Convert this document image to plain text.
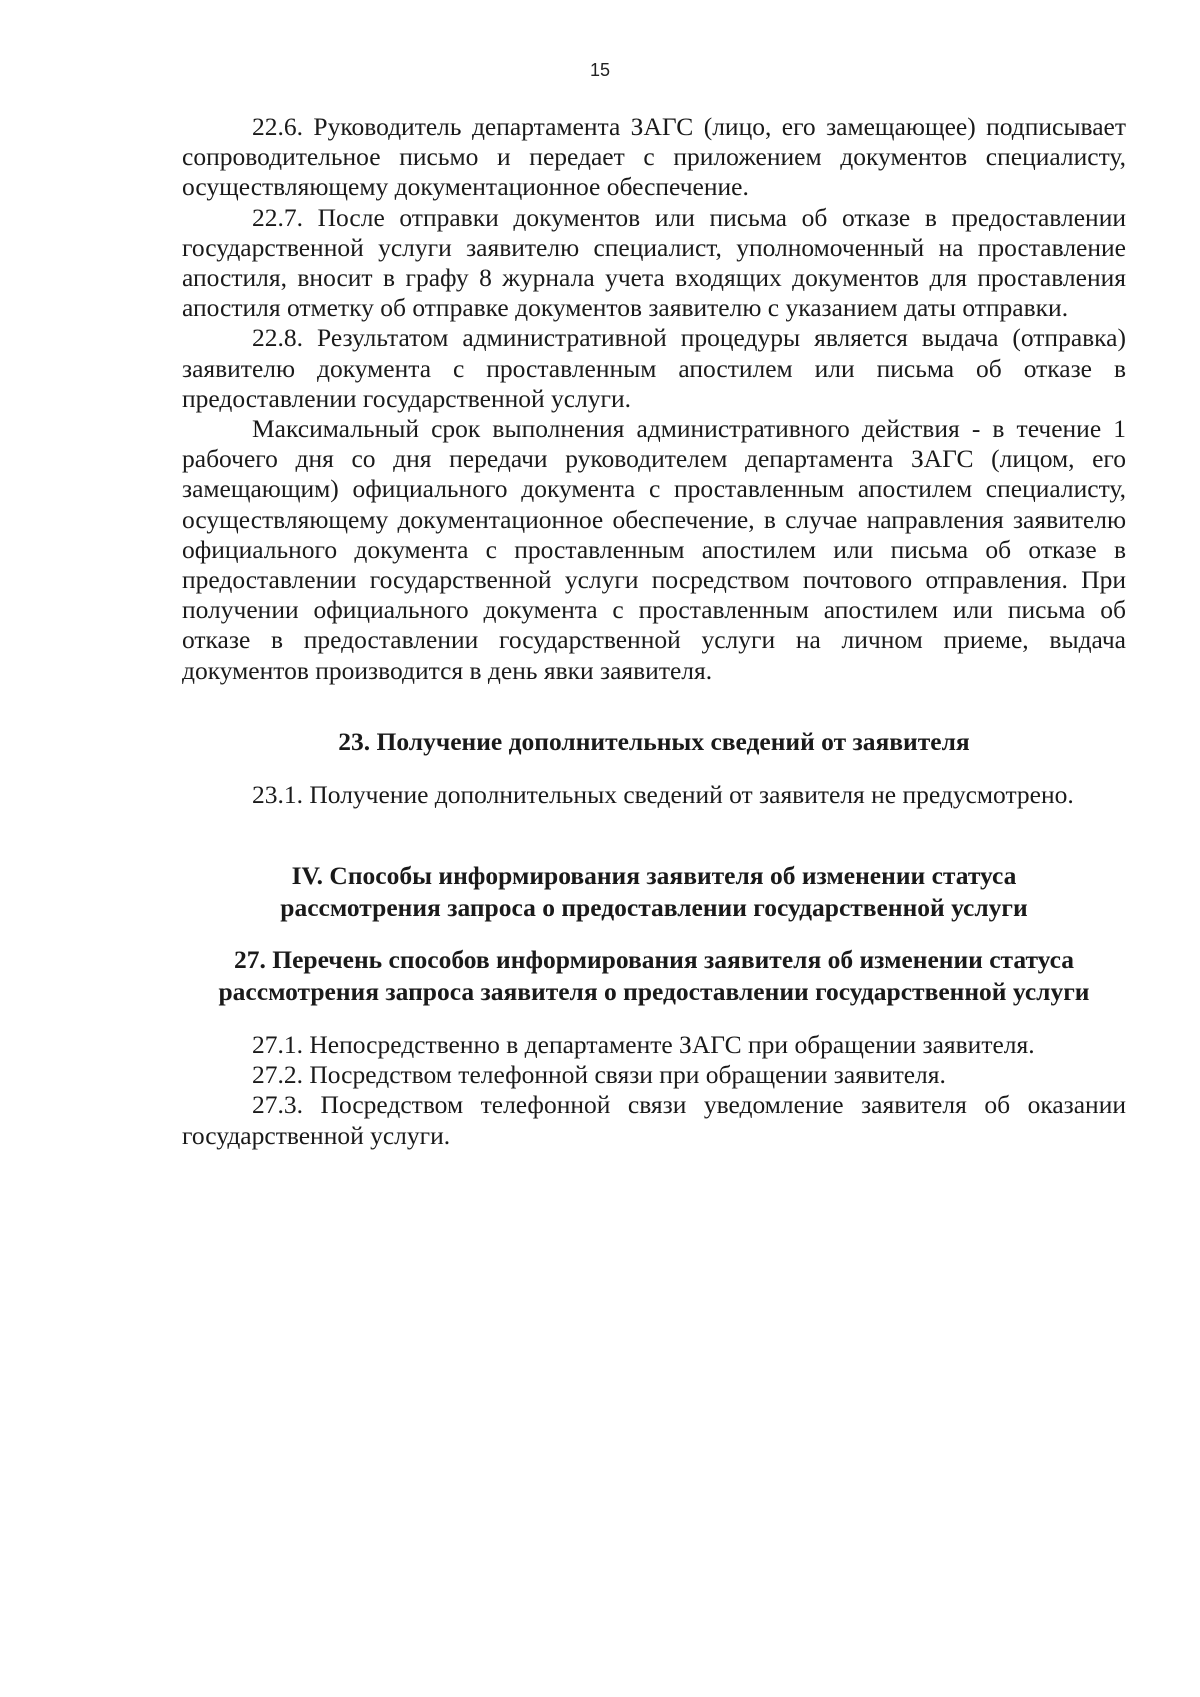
15

22.6. Руководитель департамента ЗАГС (лицо, его замещающее) подписывает сопроводительное письмо и передает с приложением документов специалисту, осуществляющему документационное обеспечение.

22.7. После отправки документов или письма об отказе в предоставлении государственной услуги заявителю специалист, уполномоченный на проставление апостиля, вносит в графу 8 журнала учета входящих документов для проставления апостиля отметку об отправке документов заявителю с указанием даты отправки.

22.8. Результатом административной процедуры является выдача (отправка) заявителю документа с проставленным апостилем или письма об отказе в предоставлении государственной услуги.

Максимальный срок выполнения административного действия - в течение 1 рабочего дня со дня передачи руководителем департамента ЗАГС (лицом, его замещающим) официального документа с проставленным апостилем специалисту, осуществляющему документационное обеспечение, в случае направления заявителю официального документа с проставленным апостилем или письма об отказе в предоставлении государственной услуги посредством почтового отправления. При получении официального документа с проставленным апостилем или письма об отказе в предоставлении государственной услуги на личном приеме, выдача документов производится в день явки заявителя.

23. Получение дополнительных сведений от заявителя

23.1. Получение дополнительных сведений от заявителя не предусмотрено.

IV. Способы информирования заявителя об изменении статуса
рассмотрения запроса о предоставлении государственной услуги
27. Перечень способов информирования заявителя об изменении статуса
рассмотрения запроса заявителя о предоставлении государственной услуги

27.1. Непосредственно в департаменте ЗАГС при обращении заявителя.

27.2. Посредством телефонной связи при обращении заявителя.

27.3. Посредством телефонной связи уведомление заявителя об оказании государственной услуги.
